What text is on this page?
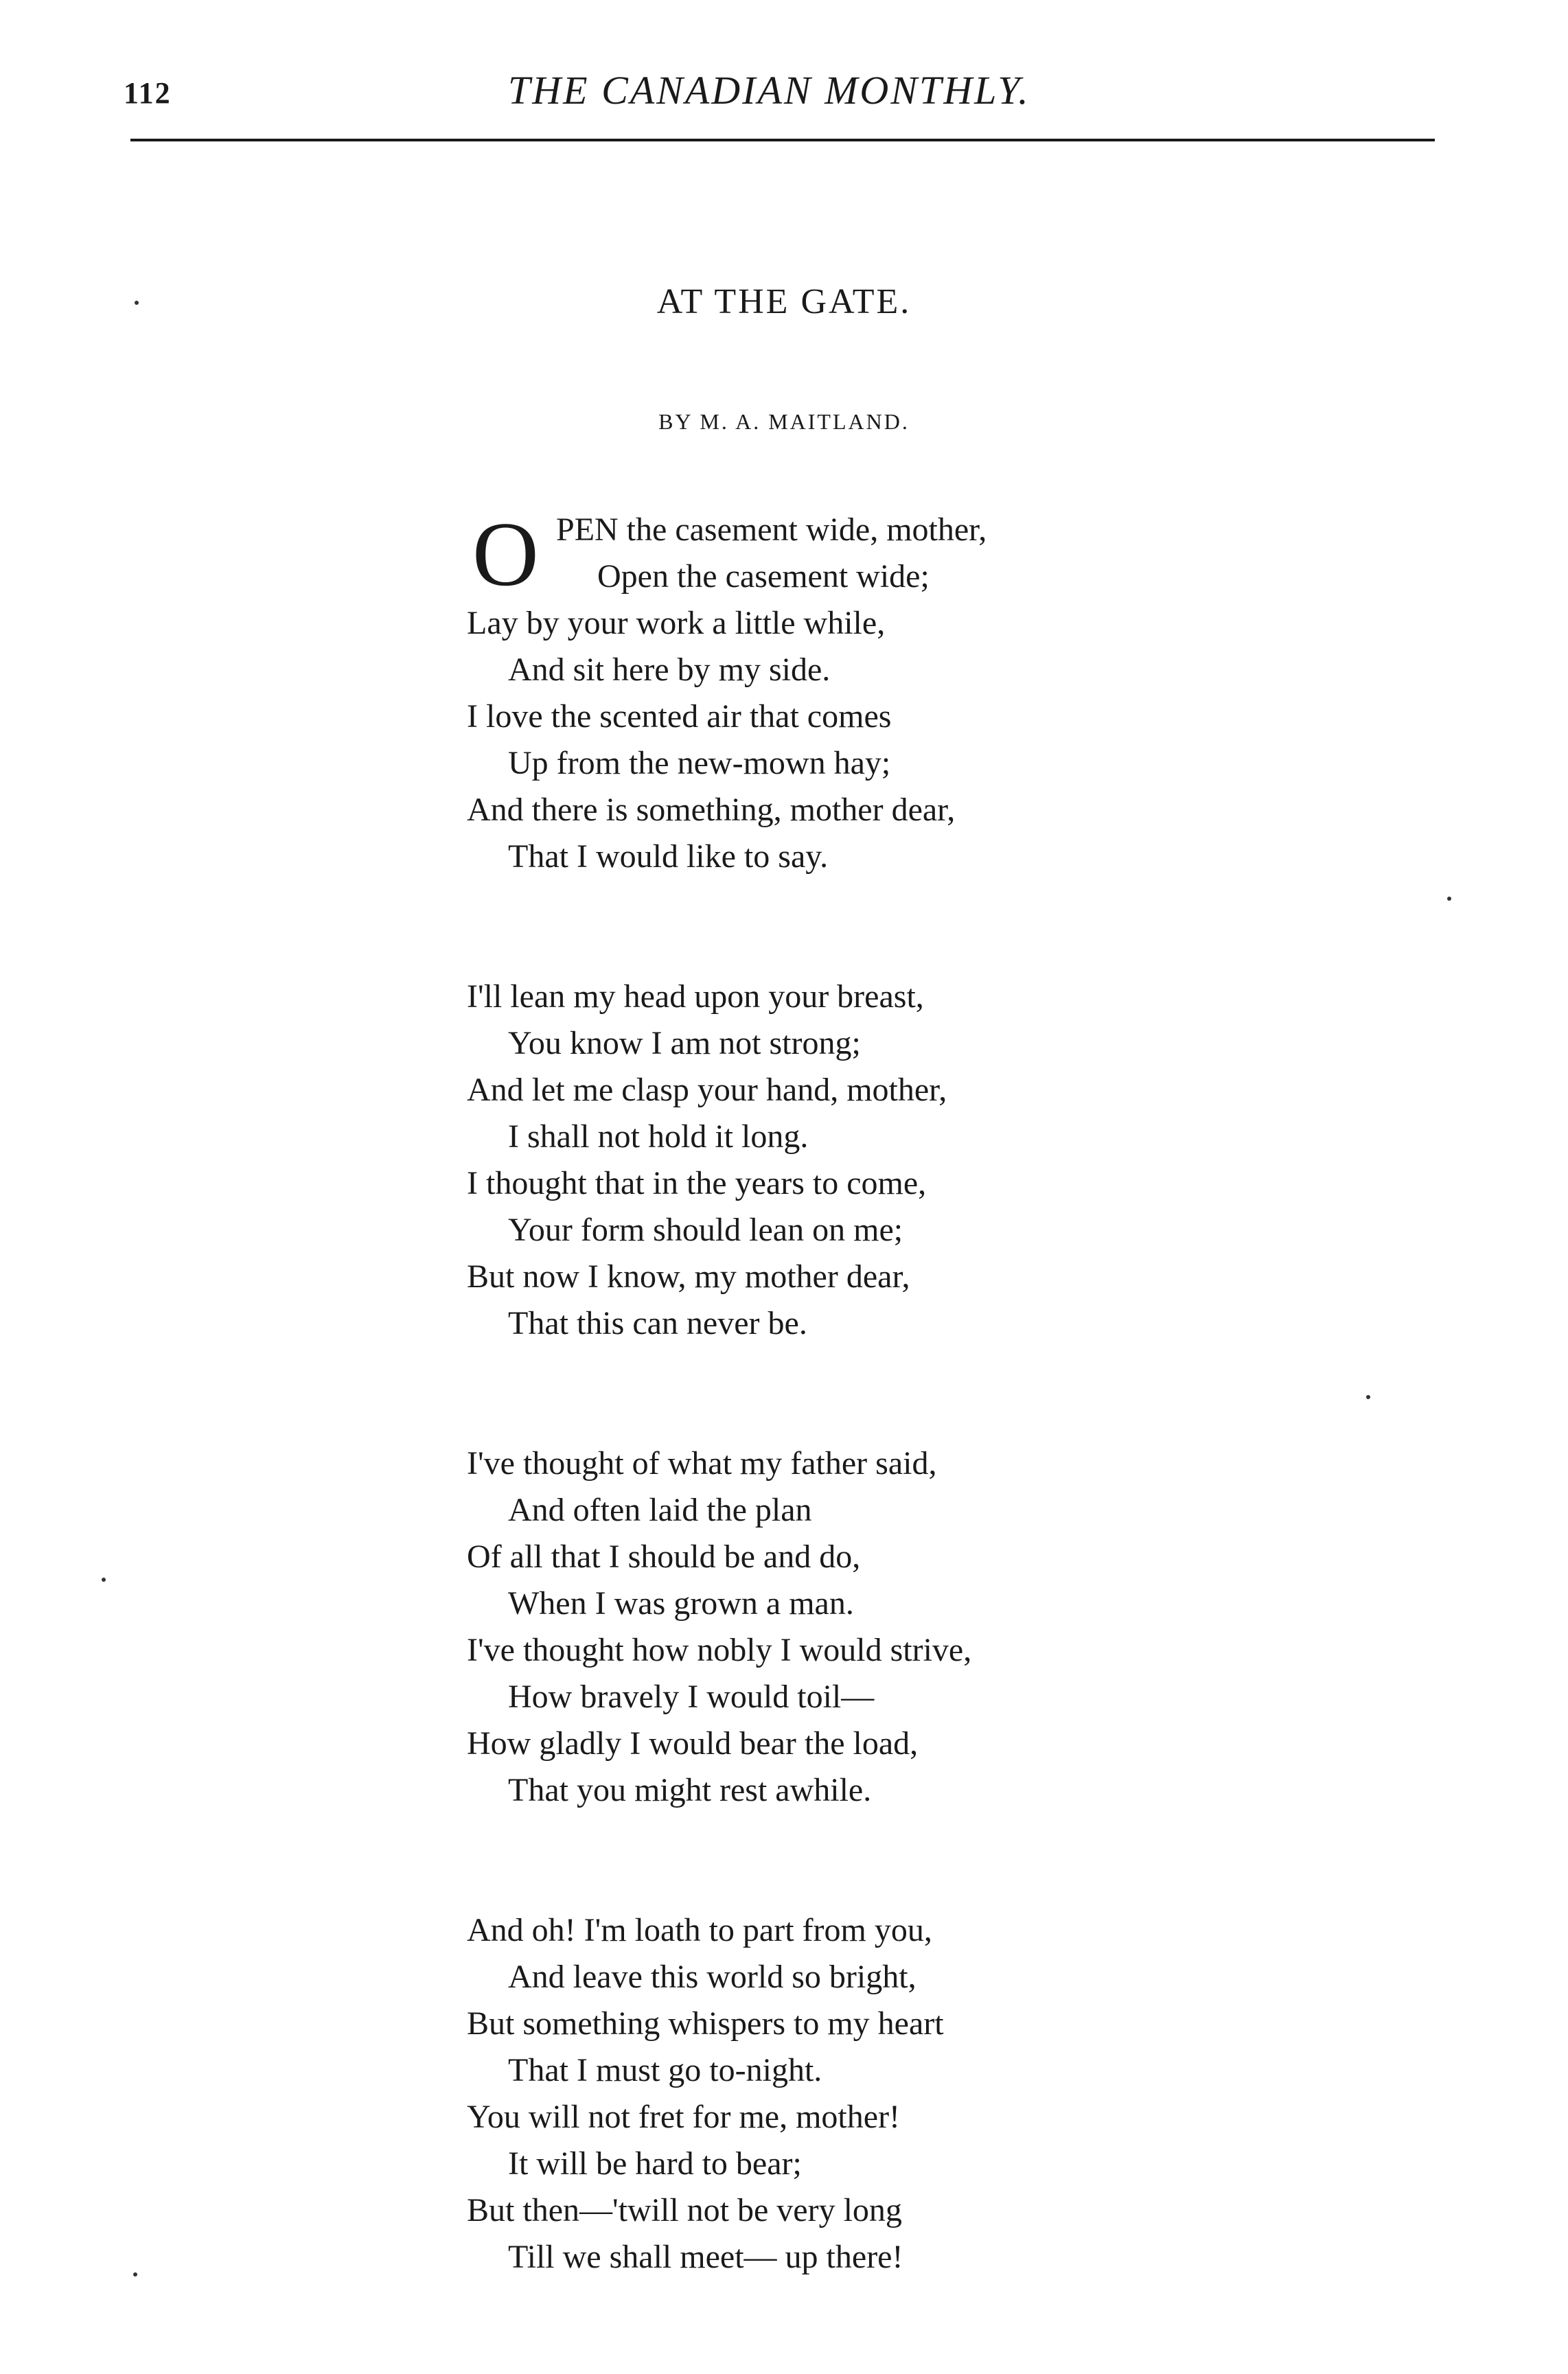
112	THE CANADIAN MONTHLY.
AT THE GATE.
BY M. A. MAITLAND.
O PEN the casement wide, mother,
Open the casement wide;
Lay by your work a little while,
And sit here by my side.
I love the scented air that comes
Up from the new-mown hay;
And there is something, mother dear,
That I would like to say.
I'll lean my head upon your breast,
You know I am not strong;
And let me clasp your hand, mother,
I shall not hold it long.
I thought that in the years to come,
Your form should lean on me;
But now I know, my mother dear,
That this can never be.
I've thought of what my father said,
And often laid the plan
Of all that I should be and do,
When I was grown a man.
I've thought how nobly I would strive,
How bravely I would toil—
How gladly I would bear the load,
That you might rest awhile.
And oh! I'm loath to part from you,
And leave this world so bright,
But something whispers to my heart
That I must go to-night.
You will not fret for me, mother!
It will be hard to bear;
But then—'twill not be very long
Till we shall meet— up there!
